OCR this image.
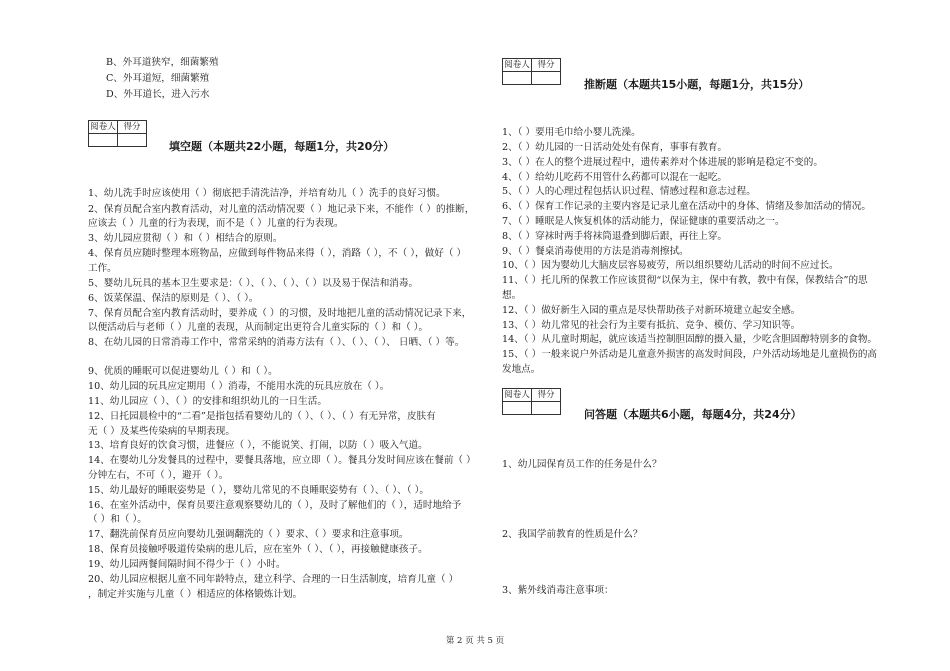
B、外耳道狭窄，细菌繁殖
C、外耳道短，细菌繁殖
D、外耳道长，进入污水
阅卷人	得分

填空题（本题共22小题，每题1分，共20分）
1、幼儿洗手时应该使用（ ）彻底把手清洗洁净，并培育幼儿（ ）洗手的良好习惯。
2、保育员配合室内教育活动，对儿童的活动情况要（ ）地记录下来，不能作（ ）的推断，
应该去（ ）儿童的行为表现，而不是（ ）儿童的行为表现。
3、幼儿园应贯彻（ ）和（ ）相结合的原则。
4、保育员应随时整理本班物品，应做到每件物品来得（ ），消路（ ），不（ ），做好（ ）
工作。
5、婴幼儿玩具的基本卫生要求是：（ ）、（ ）、（ ）、（ ）以及易于保洁和消毒。
6、饭菜保温、保洁的原则是（ ）、（ ）。
7、保育员配合室内教育活动时，要养成（ ）的习惯，及时地把儿童的活动情况记录下来，
以便活动后与老师（ ）儿童的表现，从而制定出更符合儿童实际的（ ）和（ ）。
8、在幼儿园的日常消毒工作中，常常采纳的消毒方法有（ ）、（ ）、（ ）、 日晒、（ ）等。
9、优质的睡眠可以促进婴幼儿（ ）和（ ）。
10、幼儿园的玩具应定期用（ ）消毒，不能用水洗的玩具应放在（ ）。
11、幼儿园应（ ）、（ ）的安排和组织幼儿的一日生活。
12、日托园晨检中的“二看”是指包括看婴幼儿的（ ）、（ ）、（ ）有无异常，皮肤有
无（ ）及某些传染病的早期表现。
13、培育良好的饮食习惯，进餐应（ ），不能说笑、打闹，以防（ ）吸入气道。
14、在婴幼儿分发餐具的过程中，要餐具落地，应立即（ ）。餐具分发时间应该在餐前（ ）
分钟左右，不可（ ），避开（ ）。
15、幼儿最好的睡眠姿势是（ ），婴幼儿常见的不良睡眠姿势有（ ）、（ ）、（ ）。
16、在室外活动中，保育员要注意观察婴幼儿的（ ），及时了解他们的（ ），适时地给予
（ ）和（ ）。
17、翻洗前保育员应向婴幼儿强调翻洗的（ ）要求、（ ）要求和注意事项。
18、保育员接触呼吸道传染病的患儿后，应在室外（ ）、（ ），再接触健康孩子。
19、幼儿园两餐间隔时间不得少于（ ）小时。
20、幼儿园应根据儿童不同年龄特点，建立科学、合理的一日生活制度，培育儿童（ ）
，制定并实施与儿童（ ）相适应的体格锻炼计划。
阅卷人	得分

推断题（本题共15小题，每题1分，共15分）
1、（ ）要用毛巾给小婴儿洗澡。
2、（ ）幼儿园的一日活动处处有保育，事事有教育。
3、（ ）在人的整个进展过程中，遗传素养对个体进展的影响是稳定不变的。
4、（ ）给幼儿吃药不用管什么药都可以混在一起吃。
5、（ ）人的心理过程包括认识过程、情感过程和意志过程。
6、（ ）保育工作记录的主要内容是记录儿童在活动中的身体、情绪及参加活动的情况。
7、（ ）睡眠是人恢复机体的活动能力，保证健康的重要活动之一。
8、（ ）穿袜时两手将袜筒退叠到脚后跟，再往上穿。
9、（ ）餐桌消毒使用的方法是消毒剂擦拭。
10、（ ）因为婴幼儿大脑皮层容易疲劳，所以组织婴幼儿活动的时间不应过长。
11、（ ）托儿所的保教工作应该贯彻“以保为主，保中有教，教中有保，保教结合”的思
想。
12、（ ）做好新生入园的重点是尽快帮助孩子对新环境建立起安全感。
13、（ ）幼儿常见的社会行为主要有抵抗、竞争、模仿、学习知识等。
14、（ ）从儿童时期起，就应该适当控制胆固醇的摄入量，少吃含胆固醇特别多的食物。
15、（ ）一般来说户外活动是儿童意外损害的高发时间段，户外活动场地是儿童损伤的高
发地点。
阅卷人	得分

问答题（本题共6小题，每题4分，共24分）
1、幼儿园保育员工作的任务是什么？
2、我国学前教育的性质是什么？
3、紫外线消毒注意事项：
第 2 页 共 5 页
